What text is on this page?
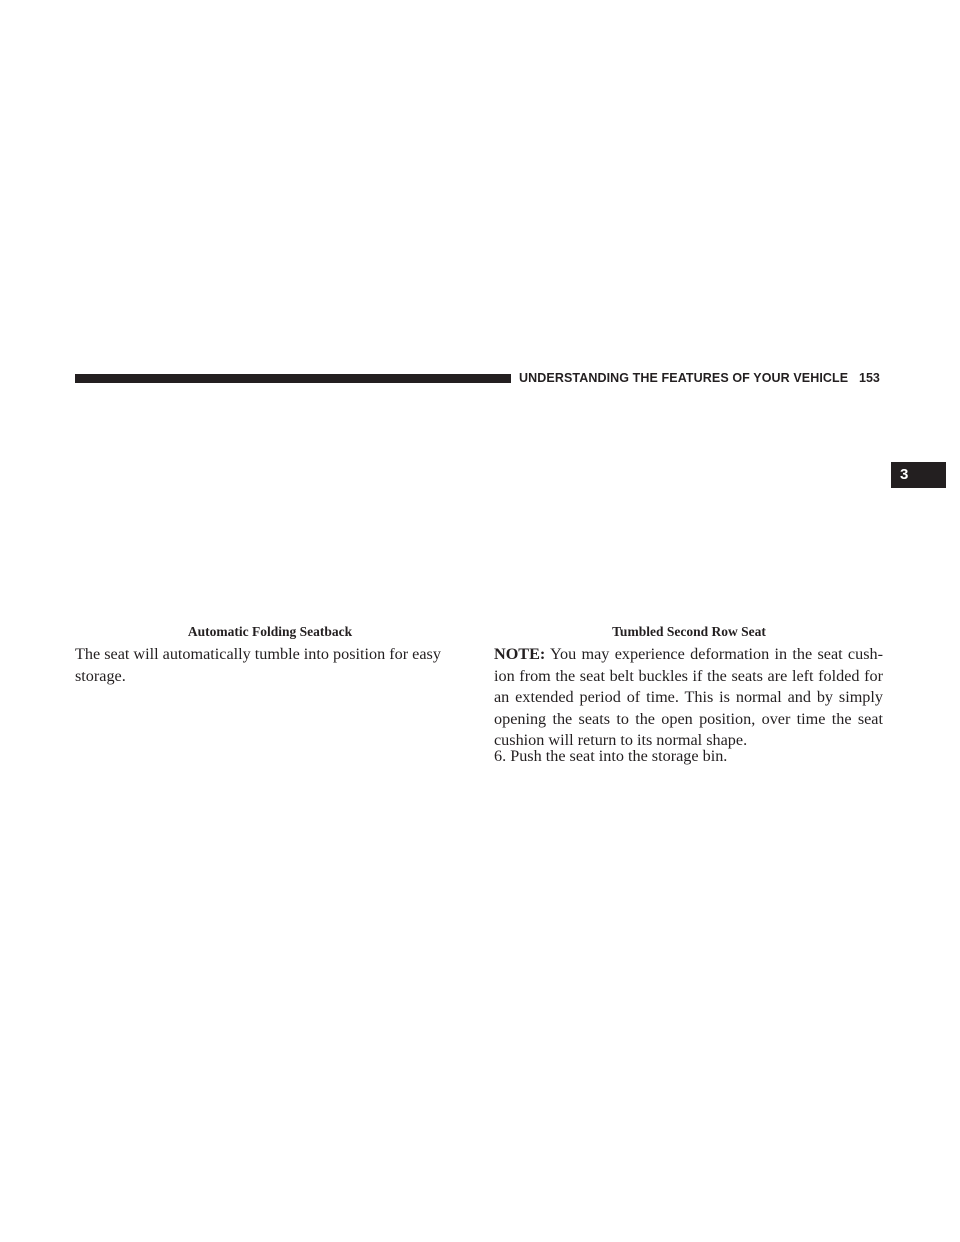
UNDERSTANDING THE FEATURES OF YOUR VEHICLE 153
3
Automatic Folding Seatback

The seat will automatically tumble into position for easy
storage.

Tumbled Second Row Seat

NOTE: You may experience deformation in the seat cush- ion from the seat belt buckles if the seats are left folded for an extended period of time. This is normal and by simply opening the seats to the open position, over time the seat cushion will return to its normal shape.

6. Push the seat into the storage bin.
